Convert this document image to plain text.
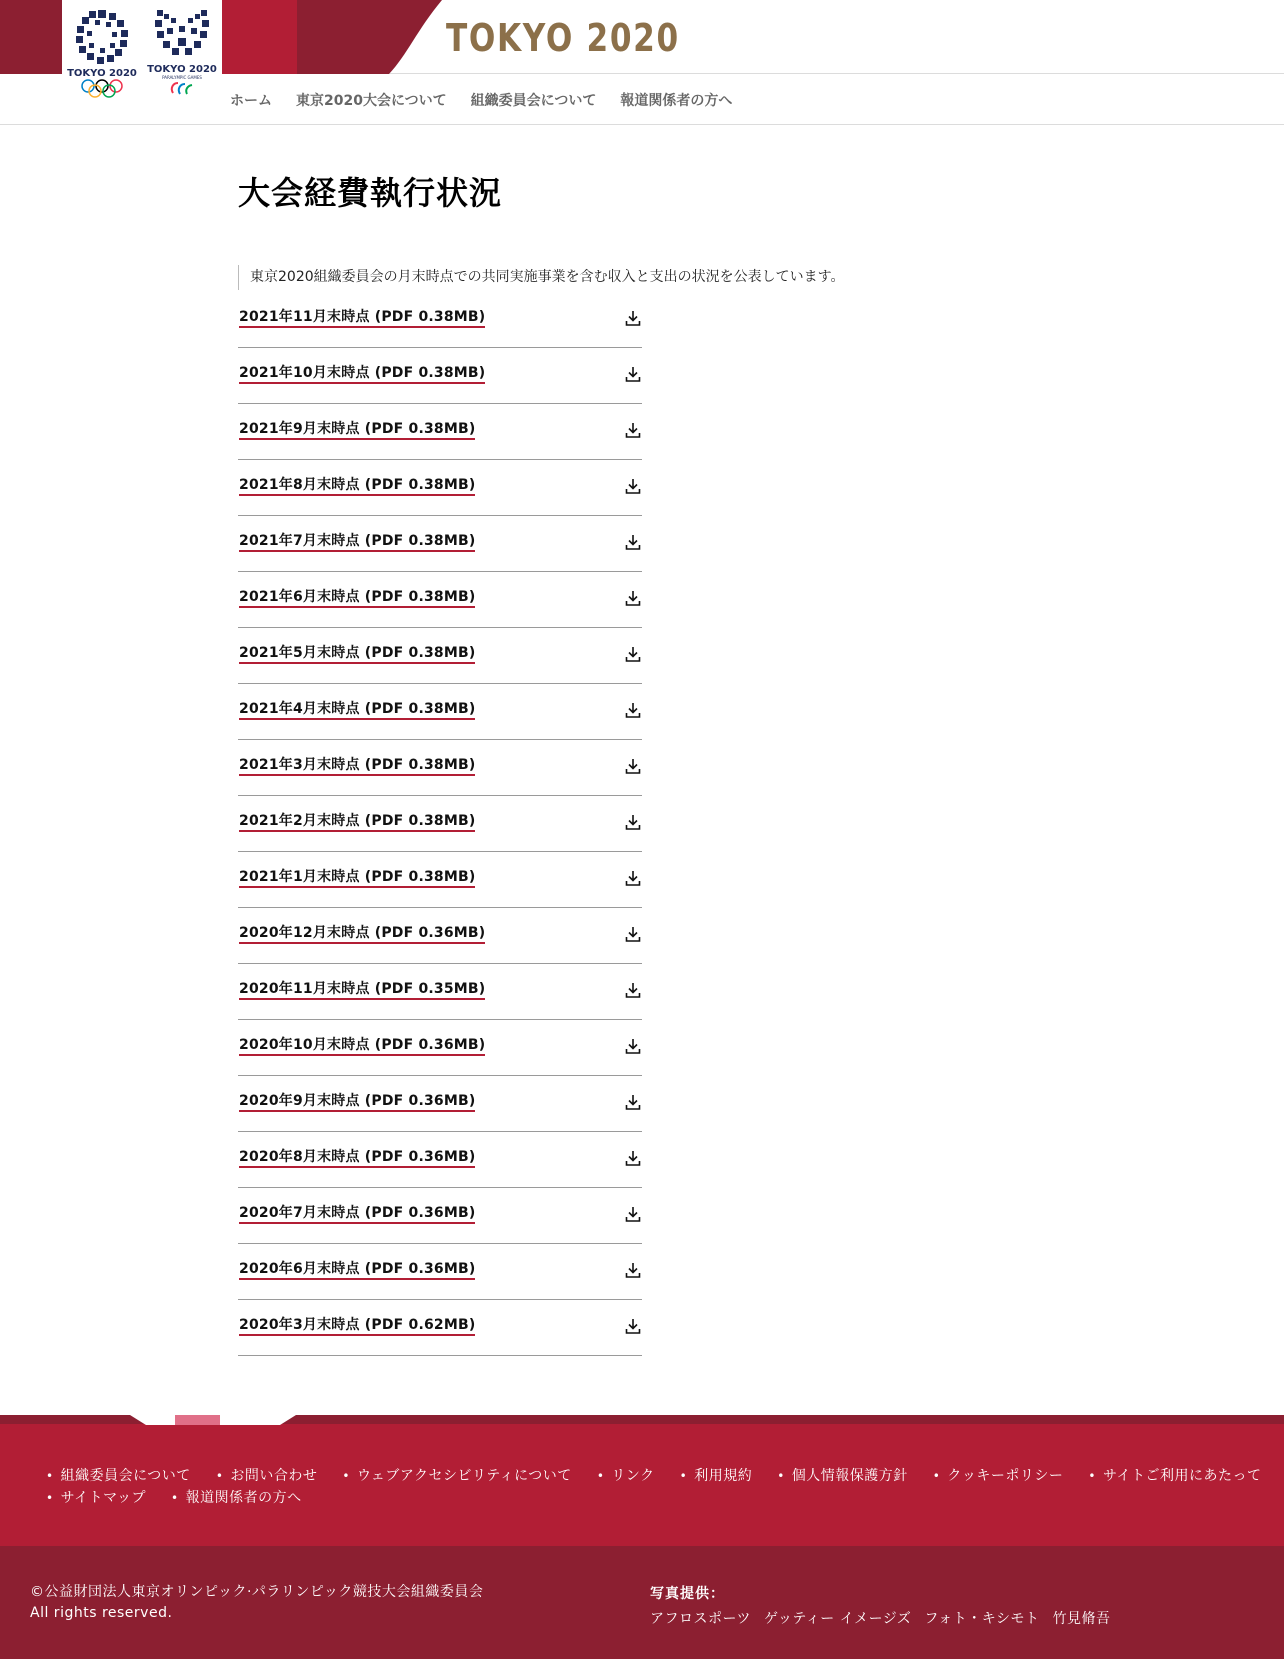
TOKYO 2020 TOKYO 2020
PARALYMPIC GAMES
TOKYO 2020
ホーム 東京2020大会について 組織委員会について 報道関係者の方へ
大会経費執行状況

東京2020組織委員会の月末時点での共同実施事業を含む収入と支出の状況を公表しています。

2021年11月末時点 (PDF 0.38MB)
2021年10月末時点 (PDF 0.38MB)
2021年9月末時点 (PDF 0.38MB)
2021年8月末時点 (PDF 0.38MB)
2021年7月末時点 (PDF 0.38MB)
2021年6月末時点 (PDF 0.38MB)
2021年5月末時点 (PDF 0.38MB)
2021年4月末時点 (PDF 0.38MB)
2021年3月末時点 (PDF 0.38MB)
2021年2月末時点 (PDF 0.38MB)
2021年1月末時点 (PDF 0.38MB)
2020年12月末時点 (PDF 0.36MB)
2020年11月末時点 (PDF 0.35MB)
2020年10月末時点 (PDF 0.36MB)
2020年9月末時点 (PDF 0.36MB)
2020年8月末時点 (PDF 0.36MB)
2020年7月末時点 (PDF 0.36MB)
2020年6月末時点 (PDF 0.36MB)
2020年3月末時点 (PDF 0.62MB)
• 組織委員会について	• お問い合わせ	• ウェブアクセシビリティについて	• リンク	• 利用規約	• 個人情報保護方針	• クッキーポリシー	• サイトご利用にあたって
• サイトマップ	• 報道関係者の方へ
©公益財団法人東京オリンピック·パラリンピック競技大会組織委員会
All rights reserved.
写真提供：
アフロスポーツ ゲッティー イメージズ フォト・キシモト 竹見脩吾
